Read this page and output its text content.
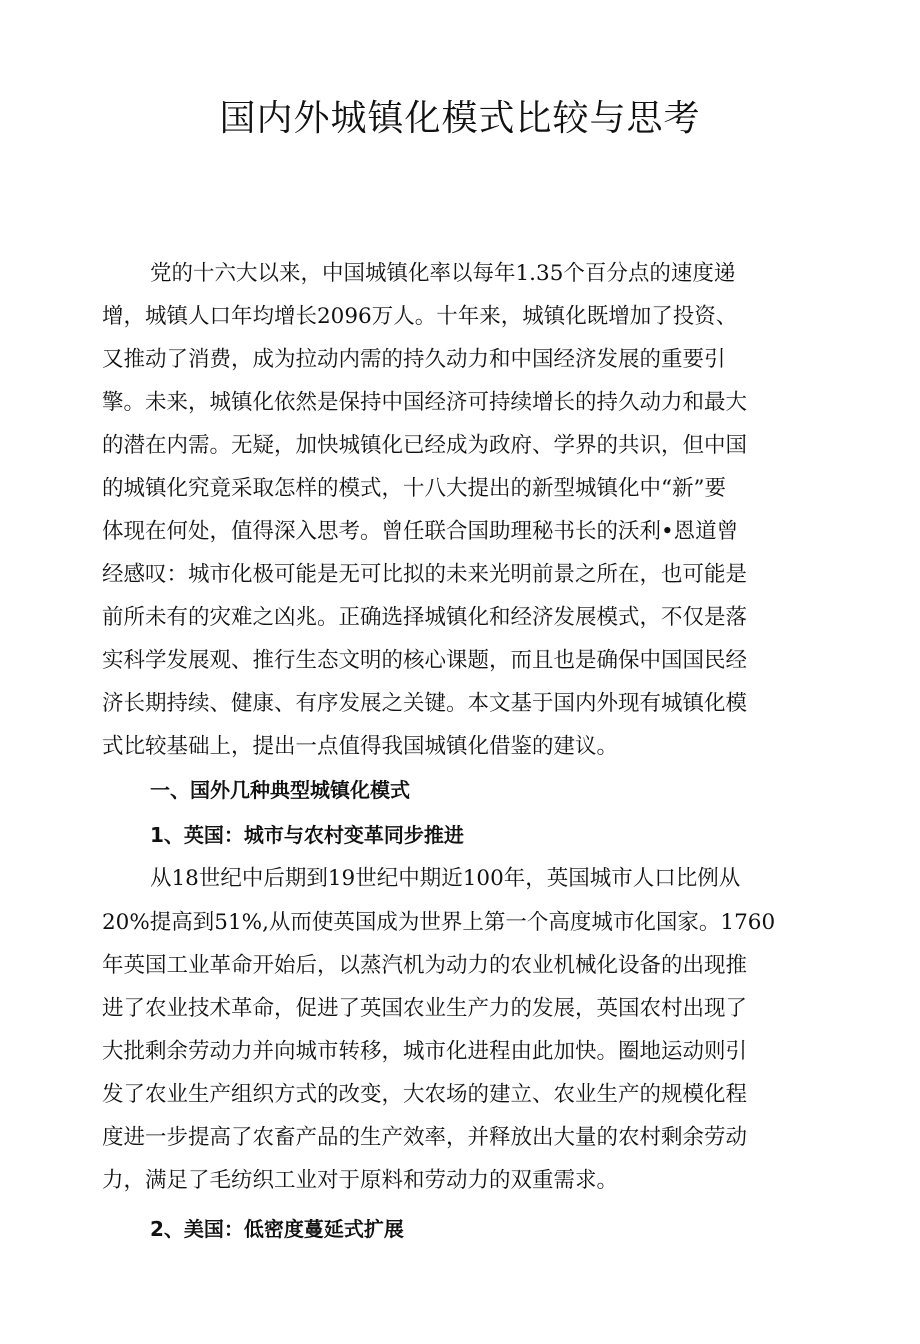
国内外城镇化模式比较与思考
党的十六大以来，中国城镇化率以每年1.35个百分点的速度递
增，城镇人口年均增长2096万人。十年来，城镇化既增加了投资、
又推动了消费，成为拉动内需的持久动力和中国经济发展的重要引
擎。未来，城镇化依然是保持中国经济可持续增长的持久动力和最大
的潜在内需。无疑，加快城镇化已经成为政府、学界的共识，但中国
的城镇化究竟采取怎样的模式，十八大提出的新型城镇化中“新”要
体现在何处，值得深入思考。曾任联合国助理秘书长的沃利•恩道曾
经感叹：城市化极可能是无可比拟的未来光明前景之所在，也可能是
前所未有的灾难之凶兆。正确选择城镇化和经济发展模式，不仅是落
实科学发展观、推行生态文明的核心课题，而且也是确保中国国民经
济长期持续、健康、有序发展之关键。本文基于国内外现有城镇化模
式比较基础上，提出一点值得我国城镇化借鉴的建议。
一、国外几种典型城镇化模式
1、英国：城市与农村变革同步推进
从18世纪中后期到19世纪中期近100年，英国城市人口比例从
20%提高到51%,从而使英国成为世界上第一个高度城市化国家。1760
年英国工业革命开始后，以蒸汽机为动力的农业机械化设备的出现推
进了农业技术革命，促进了英国农业生产力的发展，英国农村出现了
大批剩余劳动力并向城市转移，城市化进程由此加快。圈地运动则引
发了农业生产组织方式的改变，大农场的建立、农业生产的规模化程
度进一步提高了农畜产品的生产效率，并释放出大量的农村剩余劳动
力，满足了毛纺织工业对于原料和劳动力的双重需求。
2、美国：低密度蔓延式扩展
